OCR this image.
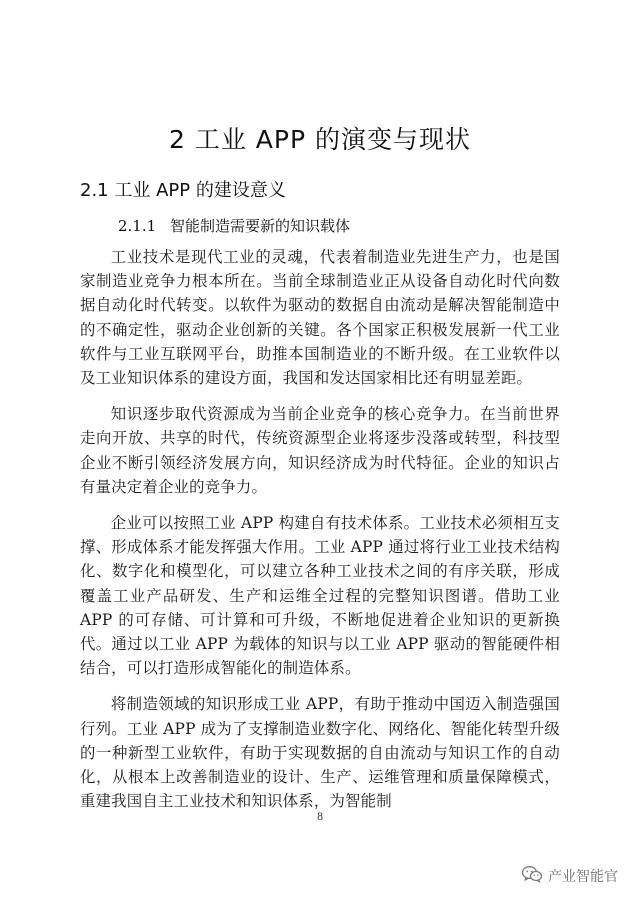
2 工业 APP 的演变与现状
2.1 工业 APP 的建设意义
2.1.1 智能制造需要新的知识载体

工业技术是现代工业的灵魂，代表着制造业先进生产力，也是国家制造业竞争力根本所在。当前全球制造业正从设备自动化时代向数据自动化时代转变。以软件为驱动的数据自由流动是解决智能制造中的不确定性，驱动企业创新的关键。各个国家正积极发展新一代工业软件与工业互联网平台，助推本国制造业的不断升级。在工业软件以及工业知识体系的建设方面，我国和发达国家相比还有明显差距。

知识逐步取代资源成为当前企业竞争的核心竞争力。在当前世界走向开放、共享的时代，传统资源型企业将逐步没落或转型，科技型企业不断引领经济发展方向，知识经济成为时代特征。企业的知识占有量决定着企业的竞争力。

企业可以按照工业 APP 构建自有技术体系。工业技术必须相互支撑、形成体系才能发挥强大作用。工业 APP 通过将行业工业技术结构化、数字化和模型化，可以建立各种工业技术之间的有序关联，形成覆盖工业产品研发、生产和运维全过程的完整知识图谱。借助工业 APP 的可存储、可计算和可升级，不断地促进着企业知识的更新换代。通过以工业 APP 为载体的知识与以工业 APP 驱动的智能硬件相结合，可以打造形成智能化的制造体系。

将制造领域的知识形成工业 APP，有助于推动中国迈入制造强国行列。工业 APP 成为了支撑制造业数字化、网络化、智能化转型升级的一种新型工业软件，有助于实现数据的自由流动与知识工作的自动化，从根本上改善制造业的设计、生产、运维管理和质量保障模式，重建我国自主工业技术和知识体系，为智能制

8
产业智能官
